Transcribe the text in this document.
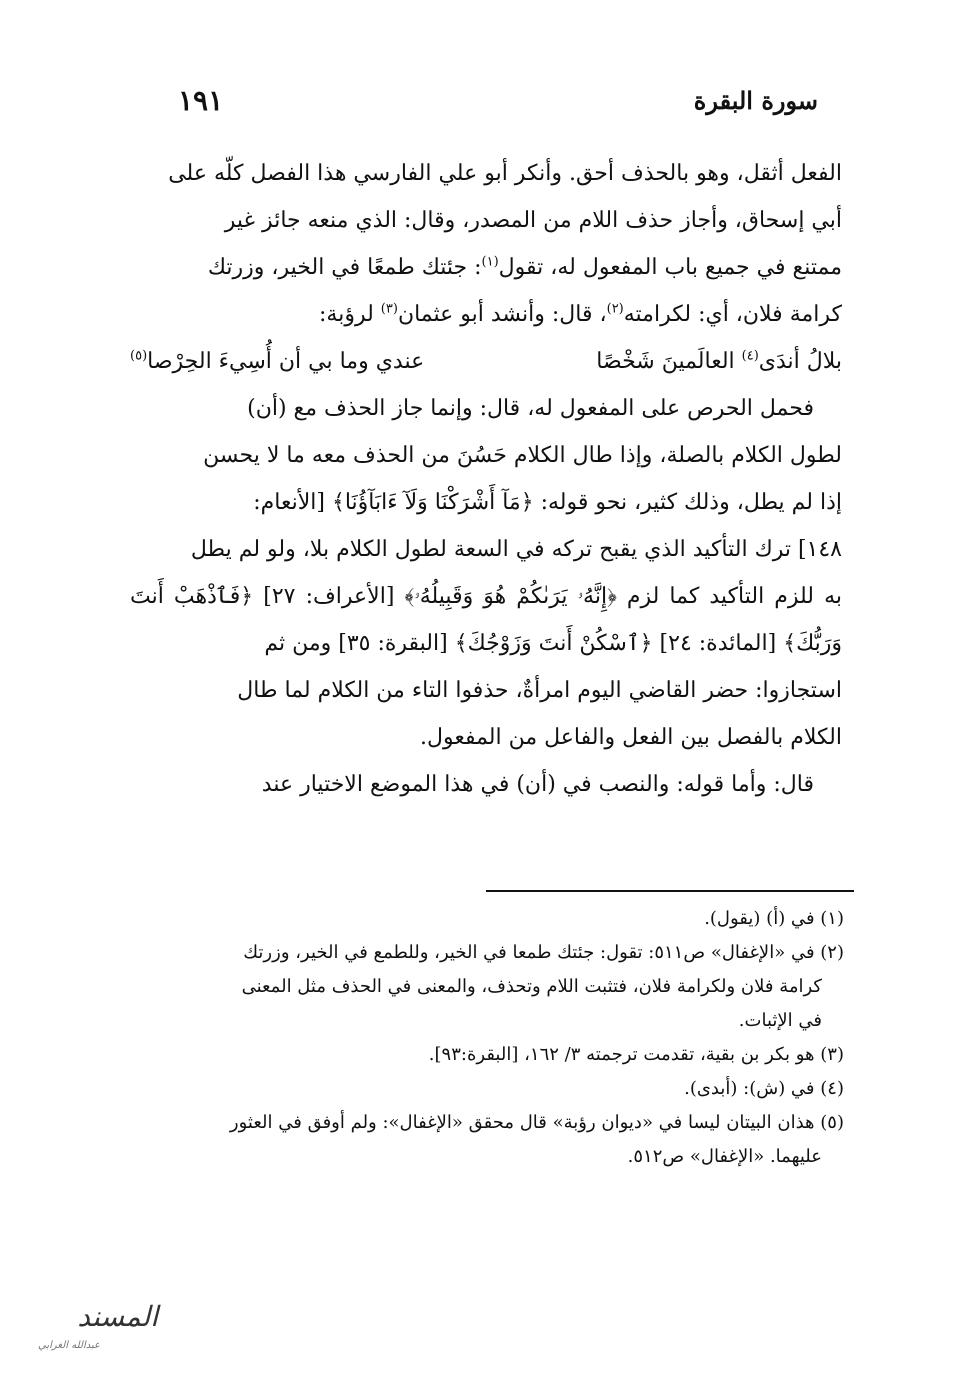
١٩١	سورة البقرة

الفعل أثقل، وهو بالحذف أحق. وأنكر أبو علي الفارسي هذا الفصل كلّه على

أبي إسحاق، وأجاز حذف اللام من المصدر، وقال: الذي منعه جائز غير

ممتنع في جميع باب المفعول له، تقول$^{(١)}$: جئتك طمعًا في الخير، وزرتك

كرامة فلان، أي: لكرامته$^{(٢)}$، قال: وأنشد أبو عثمان$^{(٣)}$ لرؤبة:

بلالُ أندَى$^{(٤)}$ العالَمينَ شَخْصًا
عندي وما بي أن أُسِيءَ الحِرْصا$^{(٥)}$

فحمل الحرص على المفعول له، قال: وإنما جاز الحذف مع (أن)

لطول الكلام بالصلة، وإذا طال الكلام حَسُنَ من الحذف معه ما لا يحسن

إذا لم يطل، وذلك كثير، نحو قوله: ﴿مَآ أَشْرَكْنَا وَلَآ ءَابَآؤُنَا﴾ [الأنعام:

١٤٨] ترك التأكيد الذي يقبح تركه في السعة لطول الكلام بلا، ولو لم يطل

به للزم التأكيد كما لزم ﴿إِنَّهُۥ يَرَىٰكُمْ هُوَ وَقَبِيلُهُۥ﴾ [الأعراف: ٢٧] ﴿فَٱذْهَبْ أَنتَ وَرَبُّكَ﴾ [المائدة: ٢٤] ﴿ٱسْكُنْ أَنتَ وَزَوْجُكَ﴾ [البقرة: ٣٥] ومن ثم

استجازوا: حضر القاضي اليوم امرأةٌ، حذفوا التاء من الكلام لما طال

الكلام بالفصل بين الفعل والفاعل من المفعول.

قال: وأما قوله: والنصب في (أن) في هذا الموضع الاختيار عند

(١) في (أ) (يقول).

(٢) في «الإغفال» ص٥١١: تقول: جئتك طمعا في الخير، وللطمع في الخير، وزرتك
كرامة فلان ولكرامة فلان، فتثبت اللام وتحذف، والمعنى في الحذف مثل المعنى
في الإثبات.

(٣) هو بكر بن بقية، تقدمت ترجمته ٣/ ١٦٢، [البقرة:٩٣].

(٤) في (ش): (أبدى).

(٥) هذان البيتان ليسا في «ديوان رؤبة» قال محقق «الإغفال»: ولم أوفق في العثور
عليهما. «الإغفال» ص٥١٢.

المسند
عبدالله الغرابي
